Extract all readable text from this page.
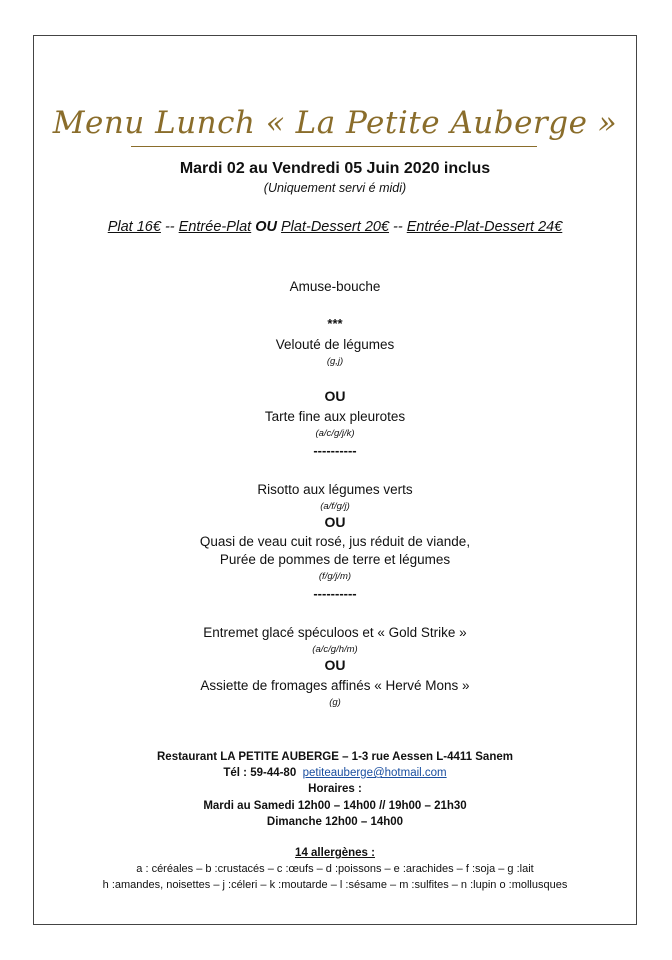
Menu Lunch « La Petite Auberge »
Mardi 02 au Vendredi 05 Juin 2020 inclus
(Uniquement servi é midi)
Plat 16€ -- Entrée-Plat OU Plat-Dessert 20€ -- Entrée-Plat-Dessert 24€
Amuse-bouche
***
Velouté de légumes
(g,j)
OU
Tarte fine aux pleurotes
(a/c/g/j/k)
----------
Risotto aux légumes verts
(a/f/g/j)
OU
Quasi de veau cuit rosé, jus réduit de viande,
Purée de pommes de terre et légumes
(f/g/j/m)
----------
Entremet glacé spéculoos et « Gold Strike »
(a/c/g/h/m)
OU
Assiette de fromages affinés « Hervé Mons »
(g)
Restaurant LA PETITE AUBERGE – 1-3 rue Aessen L-4411 Sanem
Tél : 59-44-80 petiteauberge@hotmail.com
Horaires :
Mardi au Samedi 12h00 – 14h00 // 19h00 – 21h30
Dimanche 12h00 – 14h00
14 allergènes :
a : céréales – b :crustacés – c :œufs – d :poissons – e :arachides – f :soja – g :lait
h :amandes, noisettes – j :céleri – k :moutarde – l :sésame – m :sulfites – n :lupin o :mollusques
